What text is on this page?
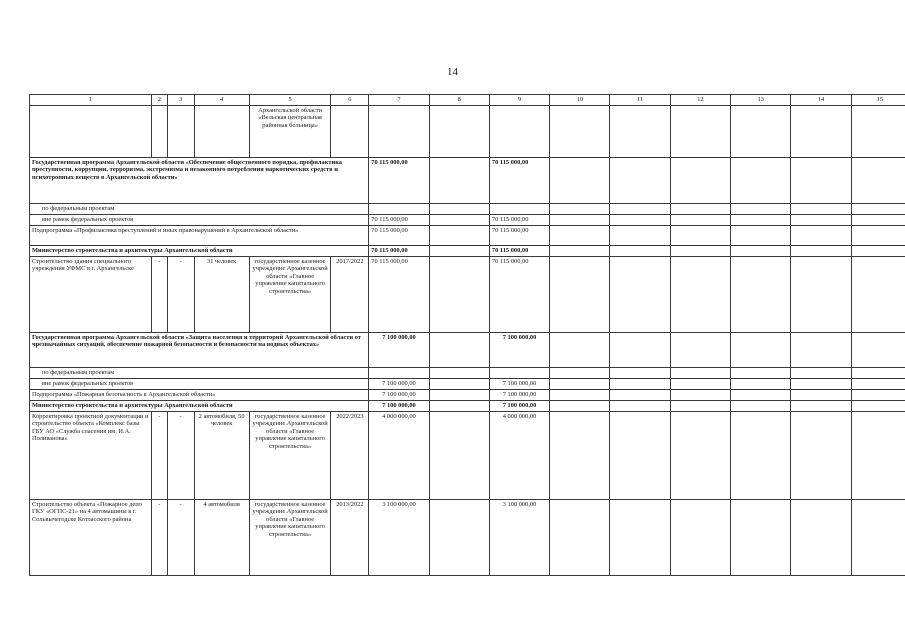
14
1	2	3	4	5	6	7	8	9	10	11	12	13	14	15
				Архангельской области «Вельская центральная районная больница»										
Государственная программа Архангельской области «Обеспечение общественного порядка, профилактика преступности, коррупции, терроризма, экстремизма и незаконного потребления наркотических средств и психотропных веществ в Архангельской области»						70 115 000,00		70 115 000,00						
по федеральным проектам														
вне рамок федеральных проектов						70 115 000,00		70 115 000,00						
Подпрограмма «Профилактика преступлений и иных правонарушений в Архангельской области»						70 115 000,00		70 115 000,00						
Министерство строительства и архитектуры Архангельской области						70 115 000,00		70 115 000,00						
Строительство здания специального учреждения УФМС в г. Архангельске	-	-	31 человек	государственное казенное учреждение Архангельской области «Главное управление капитального строительства»	2017/2022	70 115 000,00		70 115 000,00						
Государственная программа Архангельской области «Защита населения и территорий Архангельской области от чрезвычайных ситуаций, обеспечение пожарной безопасности и безопасности на водных объектах»						7 100 000,00		7 100 000,00						
по федеральным проектам														
вне рамок федеральных проектов						7 100 000,00		7 100 000,00						
Подпрограмма «Пожарная безопасность в Архангельской области»						7 100 000,00		7 100 000,00						
Министерство строительства и архитектуры Архангельской области						7 100 000,00		7 100 000,00						
Корректировка проектной документации и строительство объекта «Комплекс базы ГБУ АО «Служба спасения им. И.А. Поливанова»	-	-	2 автомобиля, 50 человек	государственное казенное учреждение Архангельской области «Главное управление капитального строительства»	2022/2023	4 000 000,00		4 000 000,00						
Строительство объекта «Пожарное депо ГКУ «ОГПС-21» на 4 автомашины в г. Сольвычегодске Котласского района	-	-	4 автомобиля	государственное казенное учреждение Архангельской области «Главное управление капитального строительства»	2013/2022	3 100 000,00		3 100 000,00						
